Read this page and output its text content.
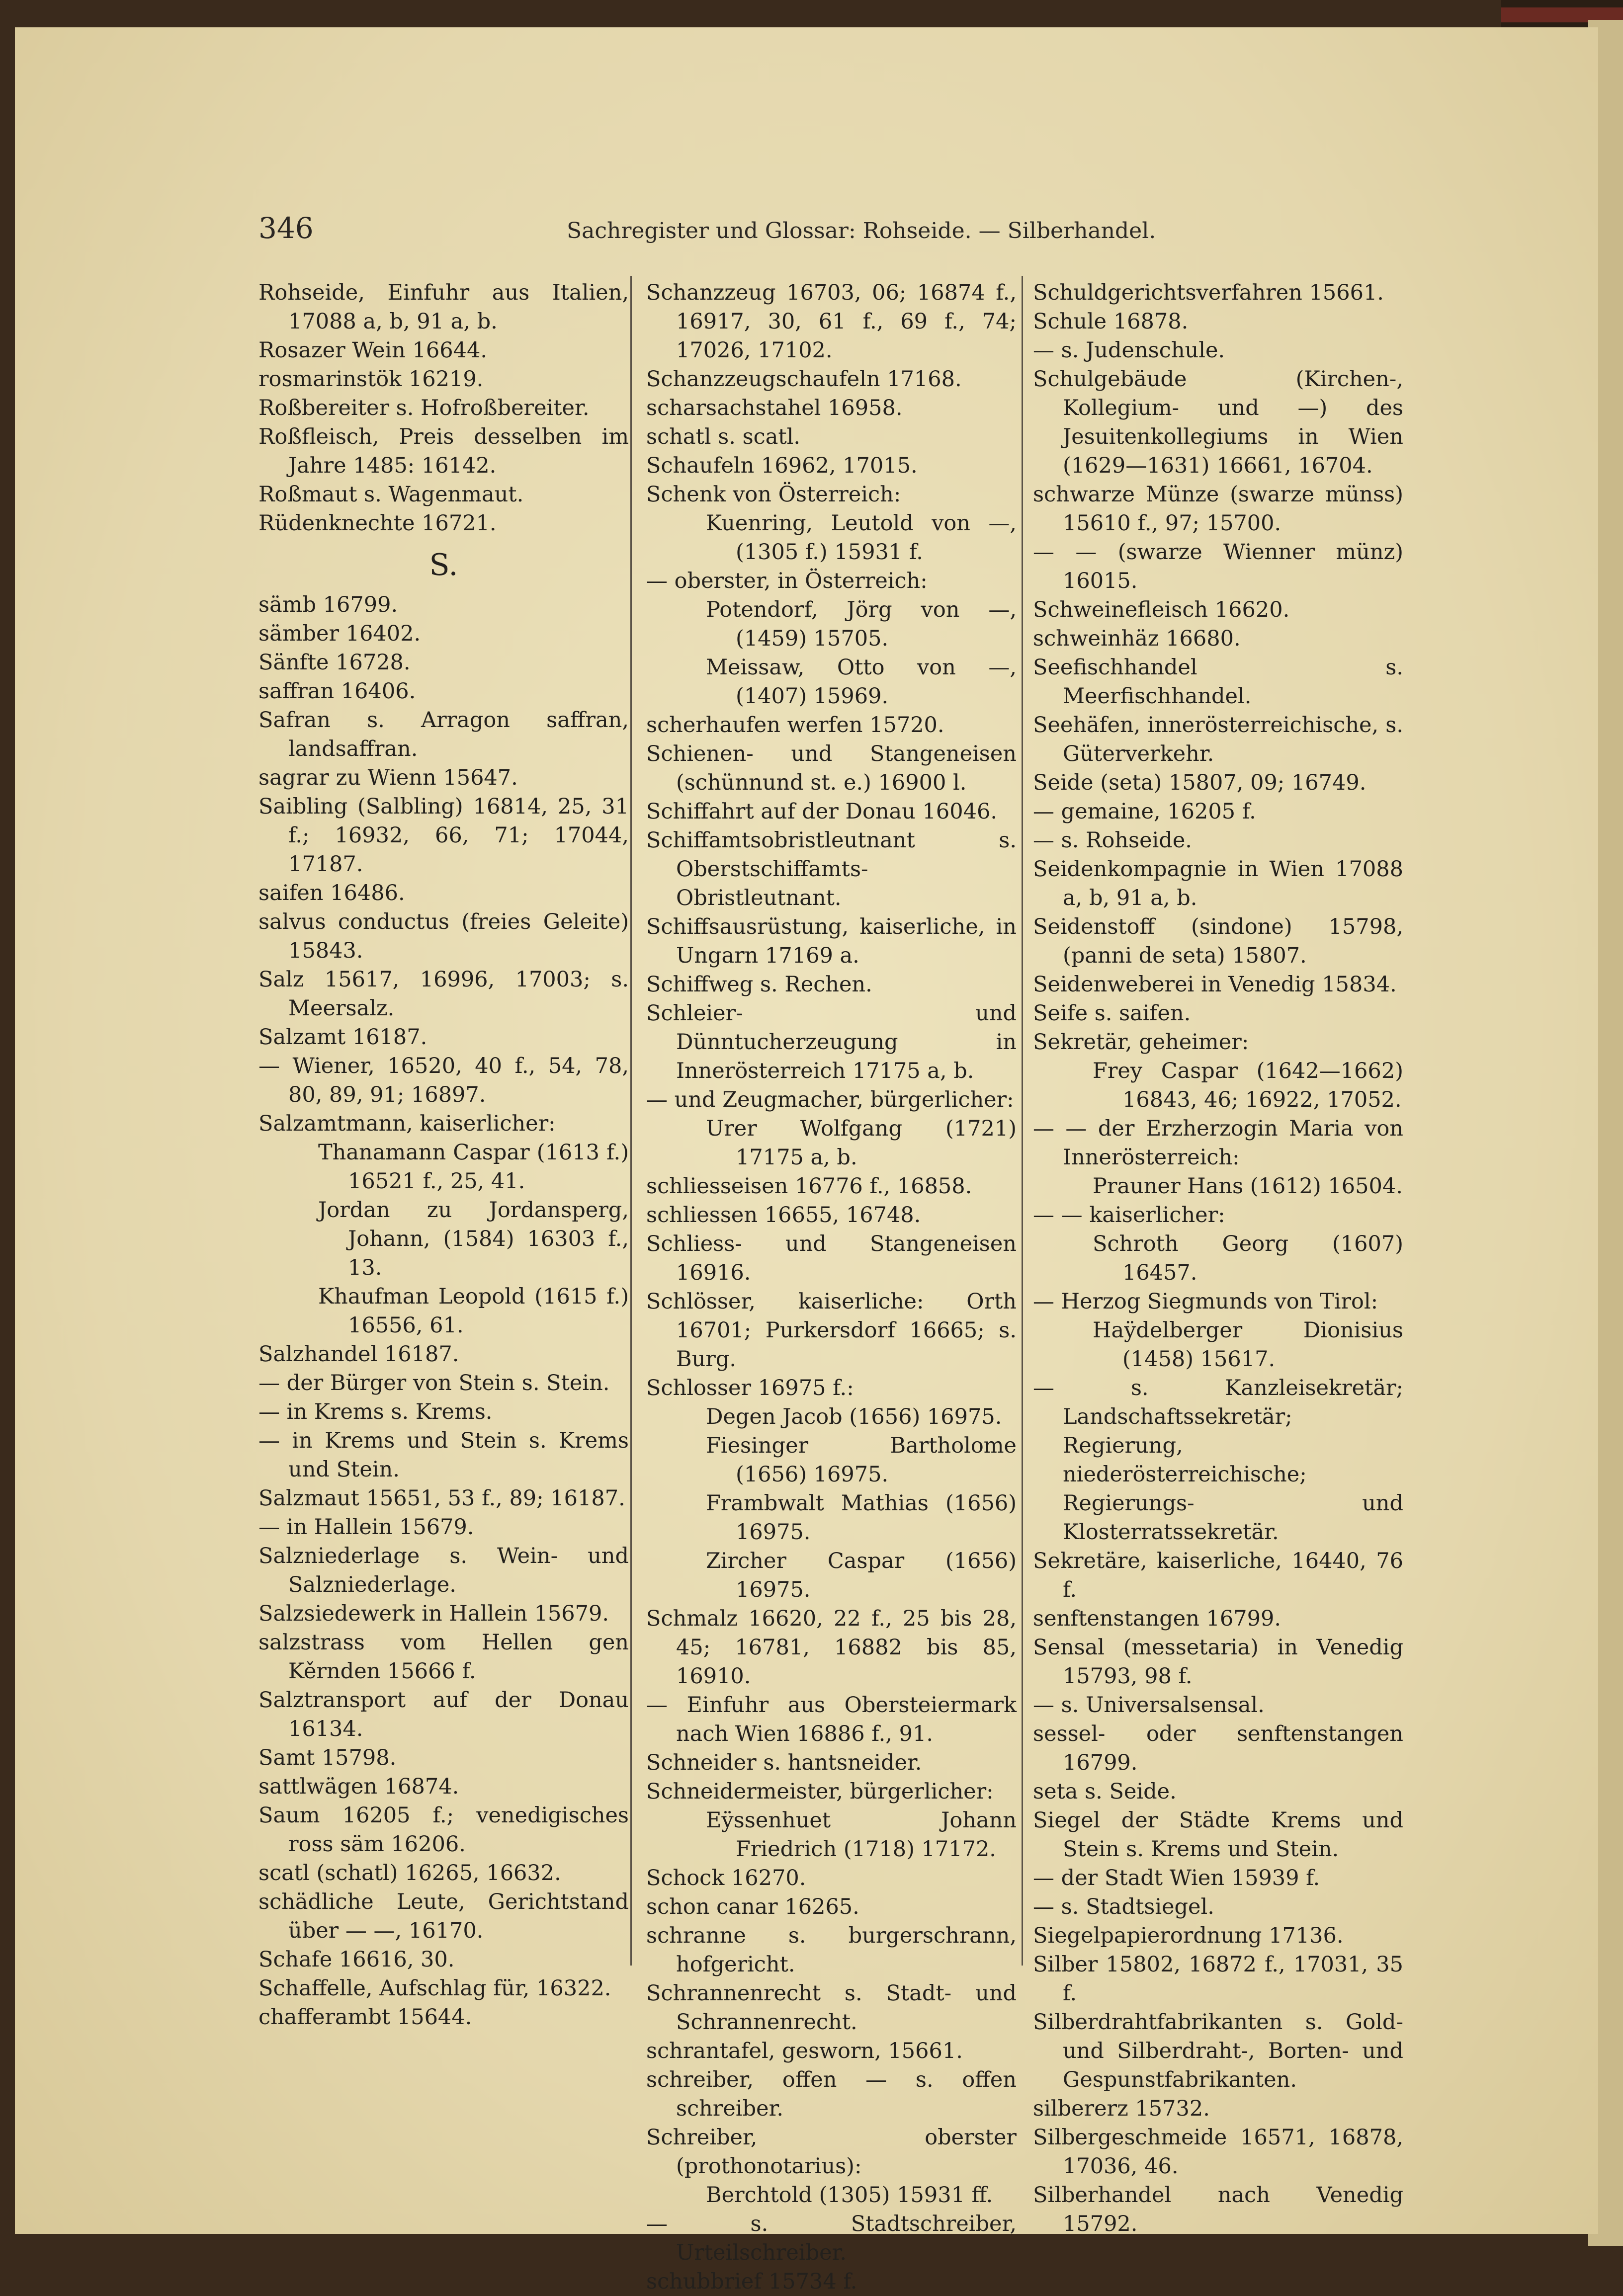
346	Sachregister und Glossar: Rohseide. — Silberhandel.

Rohseide, Einfuhr aus Italien, 17088 a, b, 91 a, b.

Rosazer Wein 16644.

rosmarinstök 16219.

Roßbereiter s. Hofroßbereiter.

Roßfleisch, Preis desselben im Jahre 1485: 16142.

Roßmaut s. Wagenmaut.

Rüdenknechte 16721.

S.

sämb 16799.

sämber 16402.

Sänfte 16728.

saffran 16406.

Safran s. Arragon saffran, landsaffran.

sagrar zu Wienn 15647.

Saibling (Salbling) 16814, 25, 31 f.; 16932, 66, 71; 17044, 17187.

saifen 16486.

salvus conductus (freies Geleite) 15843.

Salz 15617, 16996, 17003; s. Meersalz.

Salzamt 16187.

— Wiener, 16520, 40 f., 54, 78, 80, 89, 91; 16897.

Salzamtmann, kaiserlicher:

Thanamann Caspar (1613 f.) 16521 f., 25, 41.

Jordan zu Jordansperg, Johann, (1584) 16303 f., 13.

Khaufman Leopold (1615 f.) 16556, 61.

Salzhandel 16187.

— der Bürger von Stein s. Stein.

— in Krems s. Krems.

— in Krems und Stein s. Krems und Stein.

Salzmaut 15651, 53 f., 89; 16187.

— in Hallein 15679.

Salzniederlage s. Wein- und Salzniederlage.

Salzsiedewerk in Hallein 15679.

salzstrass vom Hellen gen Kěrnden 15666 f.

Salztransport auf der Donau 16134.

Samt 15798.

sattlwägen 16874.

Saum 16205 f.; venedigisches ross säm 16206.

scatl (schatl) 16265, 16632.

schädliche Leute, Gerichtstand über — —, 16170.

Schafe 16616, 30.

Schaffelle, Aufschlag für, 16322.

chafferambt 15644.

Schanzzeug 16703, 06; 16874 f., 16917, 30, 61 f., 69 f., 74; 17026, 17102.

Schanzzeugschaufeln 17168.

scharsachstahel 16958.

schatl s. scatl.

Schaufeln 16962, 17015.

Schenk von Österreich:

Kuenring, Leutold von —, (1305 f.) 15931 f.

— oberster, in Österreich:

Potendorf, Jörg von —, (1459) 15705.

Meissaw, Otto von —, (1407) 15969.

scherhaufen werfen 15720.

Schienen- und Stangeneisen (schünnund st. e.) 16900 l.

Schiffahrt auf der Donau 16046.

Schiffamtsobristleutnant s. Oberstschiffamts-Obristleutnant.

Schiffsausrüstung, kaiserliche, in Ungarn 17169 a.

Schiffweg s. Rechen.

Schleier- und Dünntucherzeugung in Innerösterreich 17175 a, b.

— und Zeugmacher, bürgerlicher:

Urer Wolfgang (1721) 17175 a, b.

schliesseisen 16776 f., 16858.

schliessen 16655, 16748.

Schliess- und Stangeneisen 16916.

Schlösser, kaiserliche: Orth 16701; Purkersdorf 16665; s. Burg.

Schlosser 16975 f.:

Degen Jacob (1656) 16975.

Fiesinger Bartholome (1656) 16975.

Frambwalt Mathias (1656) 16975.

Zircher Caspar (1656) 16975.

Schmalz 16620, 22 f., 25 bis 28, 45; 16781, 16882 bis 85, 16910.

— Einfuhr aus Obersteiermark nach Wien 16886 f., 91.

Schneider s. hantsneider.

Schneidermeister, bürgerlicher:

Eÿssenhuet Johann Friedrich (1718) 17172.

Schock 16270.

schon canar 16265.

schranne s. burgerschrann, hofgericht.

Schrannenrecht s. Stadt- und Schrannenrecht.

schrantafel, gesworn, 15661.

schreiber, offen — s. offen schreiber.

Schreiber, oberster (prothonotarius):

Berchtold (1305) 15931 ff.

— s. Stadtschreiber, Urteilschreiber.

schubbrief 15734 f.

Schuldgerichtsverfahren 15661.

Schule 16878.

— s. Judenschule.

Schulgebäude (Kirchen-, Kollegium- und —) des Jesuitenkollegiums in Wien (1629—1631) 16661, 16704.

schwarze Münze (swarze münss) 15610 f., 97; 15700.

— — (swarze Wienner münz) 16015.

Schweinefleisch 16620.

schweinhäz 16680.

Seefischhandel s. Meerfischhandel.

Seehäfen, innerösterreichische, s. Güterverkehr.

Seide (seta) 15807, 09; 16749.

— gemaine, 16205 f.

— s. Rohseide.

Seidenkompagnie in Wien 17088 a, b, 91 a, b.

Seidenstoff (sindone) 15798, (panni de seta) 15807.

Seidenweberei in Venedig 15834.

Seife s. saifen.

Sekretär, geheimer:

Frey Caspar (1642—1662) 16843, 46; 16922, 17052.

— — der Erzherzogin Maria von Innerösterreich:

Prauner Hans (1612) 16504.

— — kaiserlicher:

Schroth Georg (1607) 16457.

— Herzog Siegmunds von Tirol:

Haÿdelberger Dionisius (1458) 15617.

— s. Kanzleisekretär; Landschaftssekretär; Regierung, niederösterreichische; Regierungs- und Klosterratssekretär.

Sekretäre, kaiserliche, 16440, 76 f.

senftenstangen 16799.

Sensal (messetaria) in Venedig 15793, 98 f.

— s. Universalsensal.

sessel- oder senftenstangen 16799.

seta s. Seide.

Siegel der Städte Krems und Stein s. Krems und Stein.

— der Stadt Wien 15939 f.

— s. Stadtsiegel.

Siegelpapierordnung 17136.

Silber 15802, 16872 f., 17031, 35 f.

Silberdrahtfabrikanten s. Gold- und Silberdraht-, Borten- und Gespunstfabrikanten.

silbererz 15732.

Silbergeschmeide 16571, 16878, 17036, 46.

Silberhandel nach Venedig 15792.
